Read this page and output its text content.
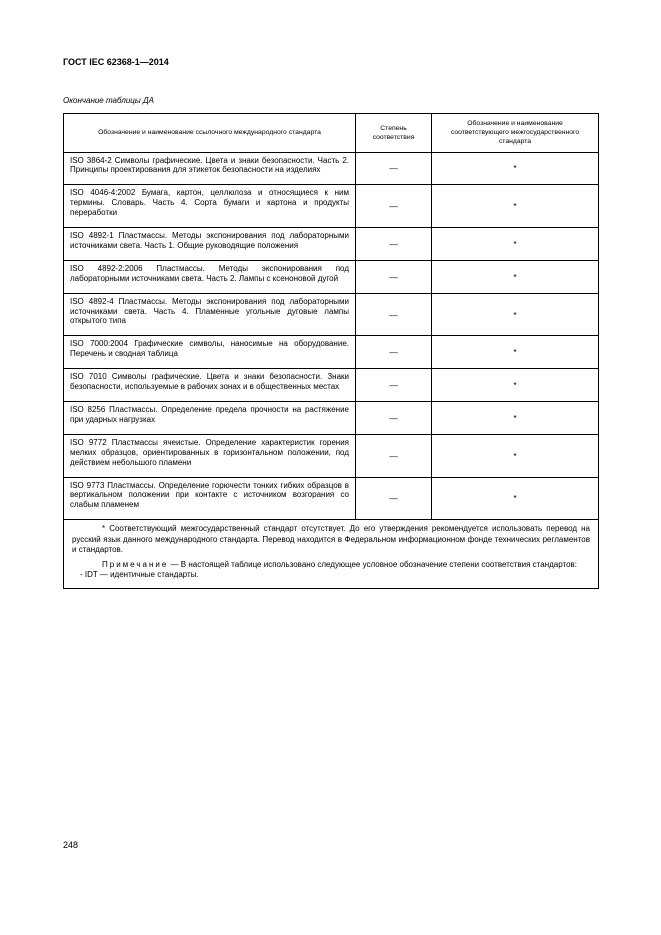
ГОСТ IEC 62368-1—2014
Окончание таблицы ДА
Обозначение и наименование ссылочного международного стандарта	Степень соответствия	Обозначение и наименование соответствующего межгосударственного стандарта
ISO 3864-2 Символы графические. Цвета и знаки безопасности. Часть 2. Принципы проектирования для этикеток безопасности на изделиях	—	*
ISO 4046-4:2002 Бумага, картон, целлюлоза и относящиеся к ним термины. Словарь. Часть 4. Сорта бумаги и картона и продукты переработки	—	*
ISO 4892-1 Пластмассы. Методы экспонирования под лабораторными источниками света. Часть 1. Общие руководящие положения	—	*
ISO 4892-2:2006 Пластмассы. Методы экспонирования под лабораторными источниками света. Часть 2. Лампы с ксеноновой дугой	—	*
ISO 4892-4 Пластмассы. Методы экспонирования под лабораторными источниками света. Часть 4. Пламенные угольные дуговые лампы открытого типа	—	*
ISO 7000:2004 Графические символы, наносимые на оборудование. Перечень и сводная таблица	—	*
ISO 7010 Символы графические. Цвета и знаки безопасности. Знаки безопасности, используемые в рабочих зонах и в общественных местах	—	*
ISO 8256 Пластмассы. Определение предела прочности на растяжение при ударных нагрузках	—	*
ISO 9772 Пластмассы ячеистые. Определение характеристик горения мелких образцов, ориентированных в горизонтальном положении, под действием небольшого пламени	—	*
ISO 9773 Пластмассы. Определение горючести тонких гибких образцов в вертикальном положении при контакте с источником возгорания со слабым пламенем	—	*

* Соответствующий межгосударственный стандарт отсутствует. До его утверждения рекомендуется использовать перевод на русский язык данного международного стандарта. Перевод находится в Федеральном информационном фонде технических регламентов и стандартов.

Примечание — В настоящей таблице использовано следующее условное обозначение степени соответствия стандартов:

- IDT — идентичные стандарты.		

248
